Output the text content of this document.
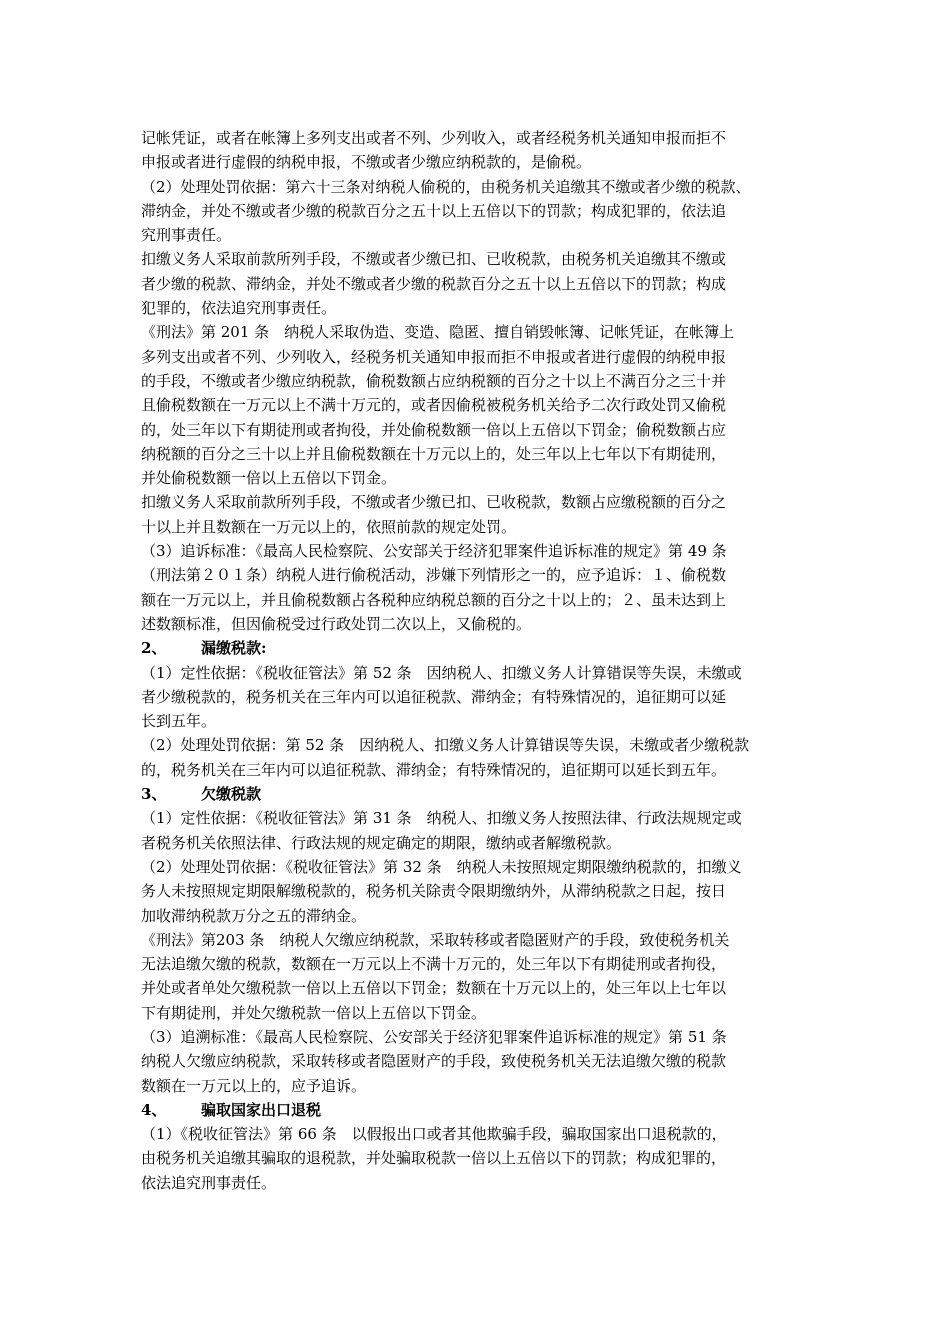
记帐凭证，或者在帐簿上多列支出或者不列、少列收入，或者经税务机关通知申报而拒不
申报或者进行虚假的纳税申报，不缴或者少缴应纳税款的，是偷税。
（2）处理处罚依据：第六十三条对纳税人偷税的，由税务机关追缴其不缴或者少缴的税款、
滞纳金，并处不缴或者少缴的税款百分之五十以上五倍以下的罚款；构成犯罪的，依法追
究刑事责任。
扣缴义务人采取前款所列手段，不缴或者少缴已扣、已收税款，由税务机关追缴其不缴或
者少缴的税款、滞纳金，并处不缴或者少缴的税款百分之五十以上五倍以下的罚款；构成
犯罪的，依法追究刑事责任。
《刑法》第 201 条　纳税人采取伪造、变造、隐匿、擅自销毁帐簿、记帐凭证，在帐簿上
多列支出或者不列、少列收入，经税务机关通知申报而拒不申报或者进行虚假的纳税申报
的手段，不缴或者少缴应纳税款，偷税数额占应纳税额的百分之十以上不满百分之三十并
且偷税数额在一万元以上不满十万元的，或者因偷税被税务机关给予二次行政处罚又偷税
的，处三年以下有期徒刑或者拘役，并处偷税数额一倍以上五倍以下罚金；偷税数额占应
纳税额的百分之三十以上并且偷税数额在十万元以上的，处三年以上七年以下有期徒刑，
并处偷税数额一倍以上五倍以下罚金。
扣缴义务人采取前款所列手段，不缴或者少缴已扣、已收税款，数额占应缴税额的百分之
十以上并且数额在一万元以上的，依照前款的规定处罚。
（3）追诉标准：《最高人民检察院、公安部关于经济犯罪案件追诉标准的规定》第 49 条
（刑法第２０１条）纳税人进行偷税活动，涉嫌下列情形之一的，应予追诉：１、偷税数
额在一万元以上，并且偷税数额占各税种应纳税总额的百分之十以上的；２、虽未达到上
述数额标准，但因偷税受过行政处罚二次以上，又偷税的。
2、 漏缴税款:
（1）定性依据：《税收征管法》第 52 条　因纳税人、扣缴义务人计算错误等失误，未缴或
者少缴税款的，税务机关在三年内可以追征税款、滞纳金；有特殊情况的，追征期可以延
长到五年。
（2）处理处罚依据：第 52 条　因纳税人、扣缴义务人计算错误等失误，未缴或者少缴税款
的，税务机关在三年内可以追征税款、滞纳金；有特殊情况的，追征期可以延长到五年。
3、 欠缴税款
（1）定性依据：《税收征管法》第 31 条　纳税人、扣缴义务人按照法律、行政法规规定或
者税务机关依照法律、行政法规的规定确定的期限，缴纳或者解缴税款。
（2）处理处罚依据：《税收征管法》第 32 条　纳税人未按照规定期限缴纳税款的，扣缴义
务人未按照规定期限解缴税款的，税务机关除责令限期缴纳外，从滞纳税款之日起，按日
加收滞纳税款万分之五的滞纳金。
《刑法》第203 条　纳税人欠缴应纳税款，采取转移或者隐匿财产的手段，致使税务机关
无法追缴欠缴的税款，数额在一万元以上不满十万元的，处三年以下有期徒刑或者拘役，
并处或者单处欠缴税款一倍以上五倍以下罚金；数额在十万元以上的，处三年以上七年以
下有期徒刑，并处欠缴税款一倍以上五倍以下罚金。
（3）追溯标准：《最高人民检察院、公安部关于经济犯罪案件追诉标准的规定》第 51 条
纳税人欠缴应纳税款，采取转移或者隐匿财产的手段，致使税务机关无法追缴欠缴的税款
数额在一万元以上的，应予追诉。
4、 骗取国家出口退税
（1）《税收征管法》第 66 条　以假报出口或者其他欺骗手段，骗取国家出口退税款的，
由税务机关追缴其骗取的退税款，并处骗取税款一倍以上五倍以下的罚款；构成犯罪的，
依法追究刑事责任。
